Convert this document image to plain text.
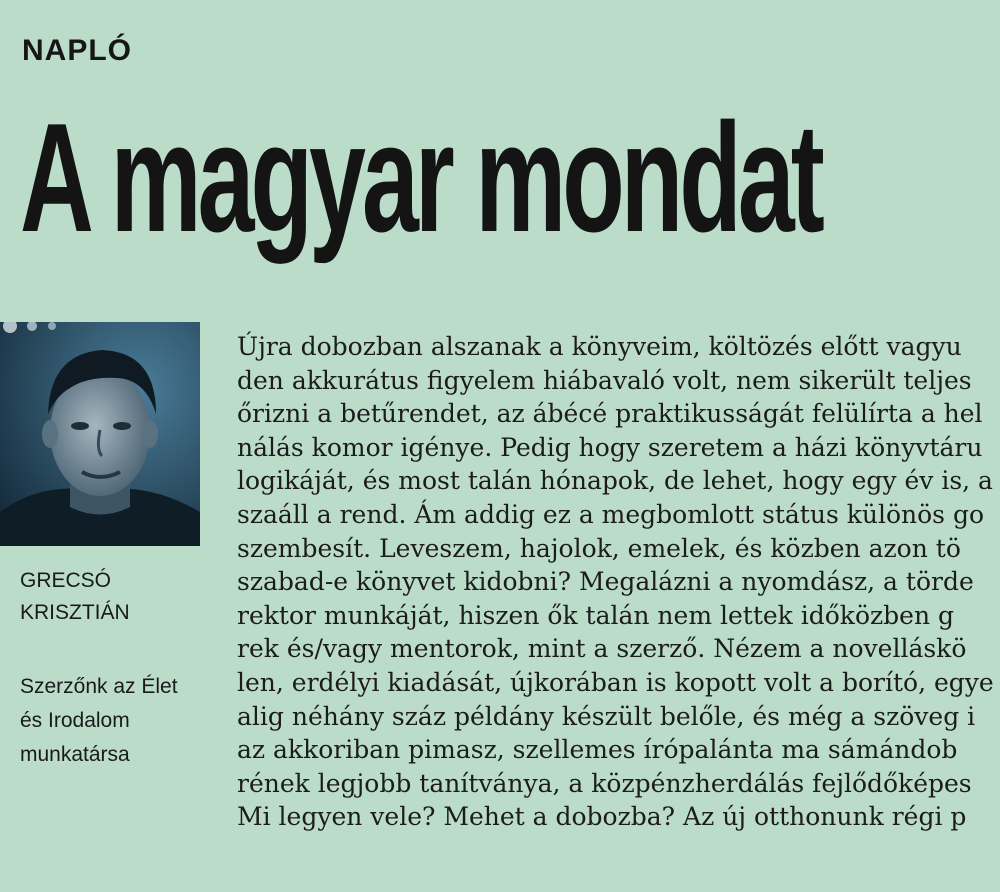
NAPLÓ
A magyar mondat
GRECSÓ
KRISZTIÁN
Szerzőnk az Élet
és Irodalom
munkatársa
Újra dobozban alszanak a könyveim, költözés előtt vagyu
den akkurátus figyelem hiábavaló volt, nem sikerült teljes
őrizni a betűrendet, az ábécé praktikusságát felülírta a hel
nálás komor igénye. Pedig hogy szeretem a házi könyvtáru
logikáját, és most talán hónapok, de lehet, hogy egy év is, a
szaáll a rend. Ám addig ez a megbomlott státus különös go
szembesít. Leveszem, hajolok, emelek, és közben azon tö
szabad-e könyvet kidobni? Megalázni a nyomdász, a törde
rektor munkáját, hiszen ők talán nem lettek időközben g
rek és/vagy mentorok, mint a szerző. Nézem a novelláskö
len, erdélyi kiadását, újkorában is kopott volt a borító, egye
alig néhány száz példány készült belőle, és még a szöveg i
az akkoriban pimasz, szellemes írópalánta ma sámándob
rének legjobb tanítványa, a közpénzherdálás fejlődőképes
Mi legyen vele? Mehet a dobozba? Az új otthonunk régi p
